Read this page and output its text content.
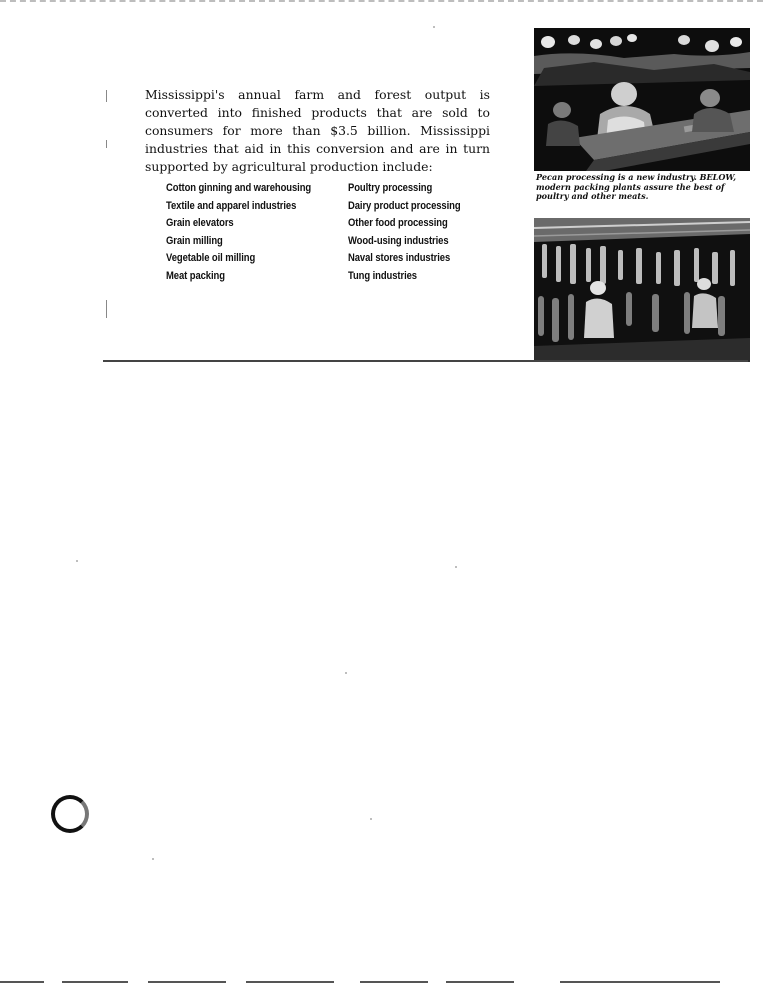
Mississippi's annual farm and forest output is converted into finished products that are sold to consumers for more than $3.5 billion. Mississippi industries that aid in this conversion and are in turn supported by agricultural production include:

Cotton ginning and warehousing
Textile and apparel industries
Grain elevators
Grain milling
Vegetable oil milling
Meat packing
Poultry processing
Dairy product processing
Other food processing
Wood-using industries
Naval stores industries
Tung industries

Pecan processing is a new industry. BELOW, modern packing plants assure the best of poultry and other meats.
